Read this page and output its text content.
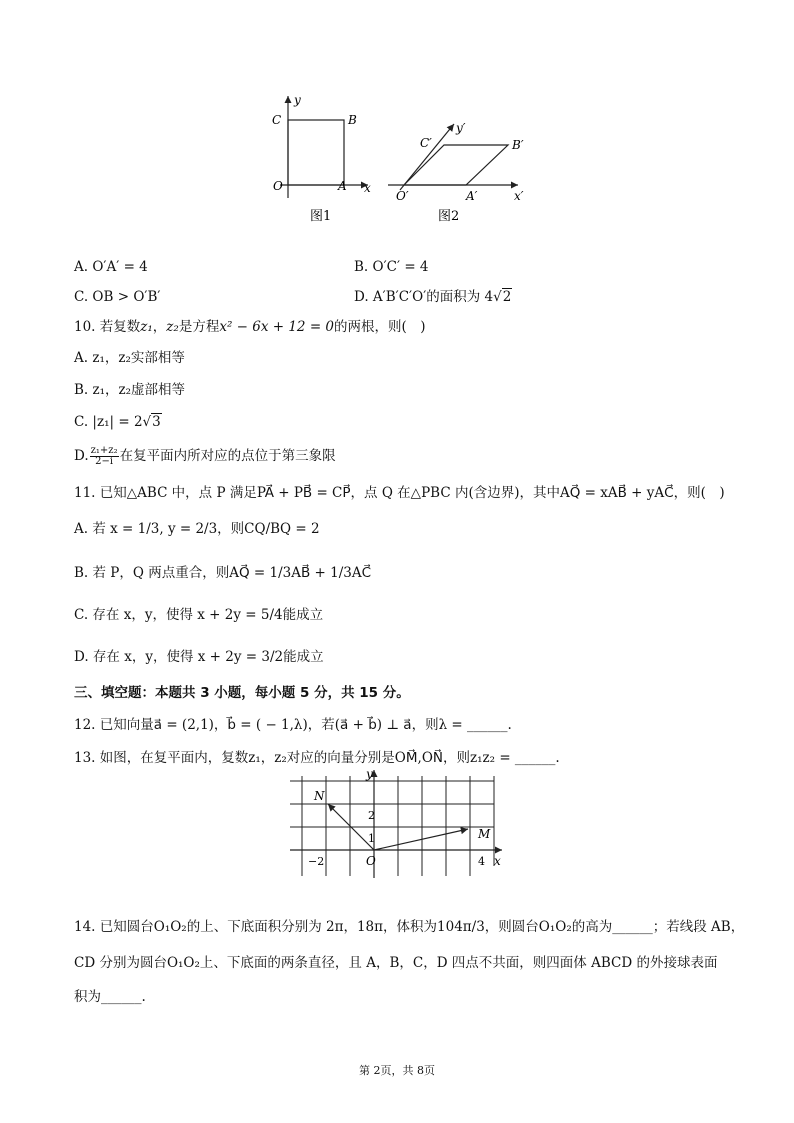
y
C	B
O	A x
图1
y′
C′	B′
O′	A′	x′
图2
A. O′A′ = 4	B. O′C′ = 4
C. OB > O′B′	D. A′B′C′O′的面积为 4√2
10. 若复数z₁，z₂是方程x² − 6x + 12 = 0的两根，则(　)
A. z₁，z₂实部相等
B. z₁，z₂虚部相等
C. |z₁| = 2√3
D. $\frac{\text{z₁+z₂}}{2-i}$ 在复平面内所对应的点位于第三象限
11. 已知△ABC 中，点 P 满足PA⃗ + PB⃗ = CP⃗，点 Q 在△PBC 内(含边界)，其中AQ⃗ = xAB⃗ + yAC⃗，则(　)
A. 若 x = 1/3, y = 2/3，则CQ/BQ = 2
B. 若 P，Q 两点重合，则AQ⃗ = 1/3AB⃗ + 1/3AC⃗
C. 存在 x，y，使得 x + 2y = 5/4能成立
D. 存在 x，y，使得 x + 2y = 3/2能成立
三、填空题：本题共 3 小题，每小题 5 分，共 15 分。
12. 已知向量a⃗ = (2,1)，b⃗ = ( − 1,λ)，若(a⃗ + b⃗) ⊥ a⃗，则λ = ______.
13. 如图，在复平面内，复数z₁，z₂对应的向量分别是OM⃗,ON⃗，则z₁z₂ = ______.
y
N
M
2
1
O
−2	4 x
14. 已知圆台O₁O₂的上、下底面积分别为 2π，18π，体积为104π/3，则圆台O₁O₂的高为______；若线段 AB，
CD 分别为圆台O₁O₂上、下底面的两条直径，且 A，B，C，D 四点不共面，则四面体 ABCD 的外接球表面
积为______.
第 2页，共 8页
